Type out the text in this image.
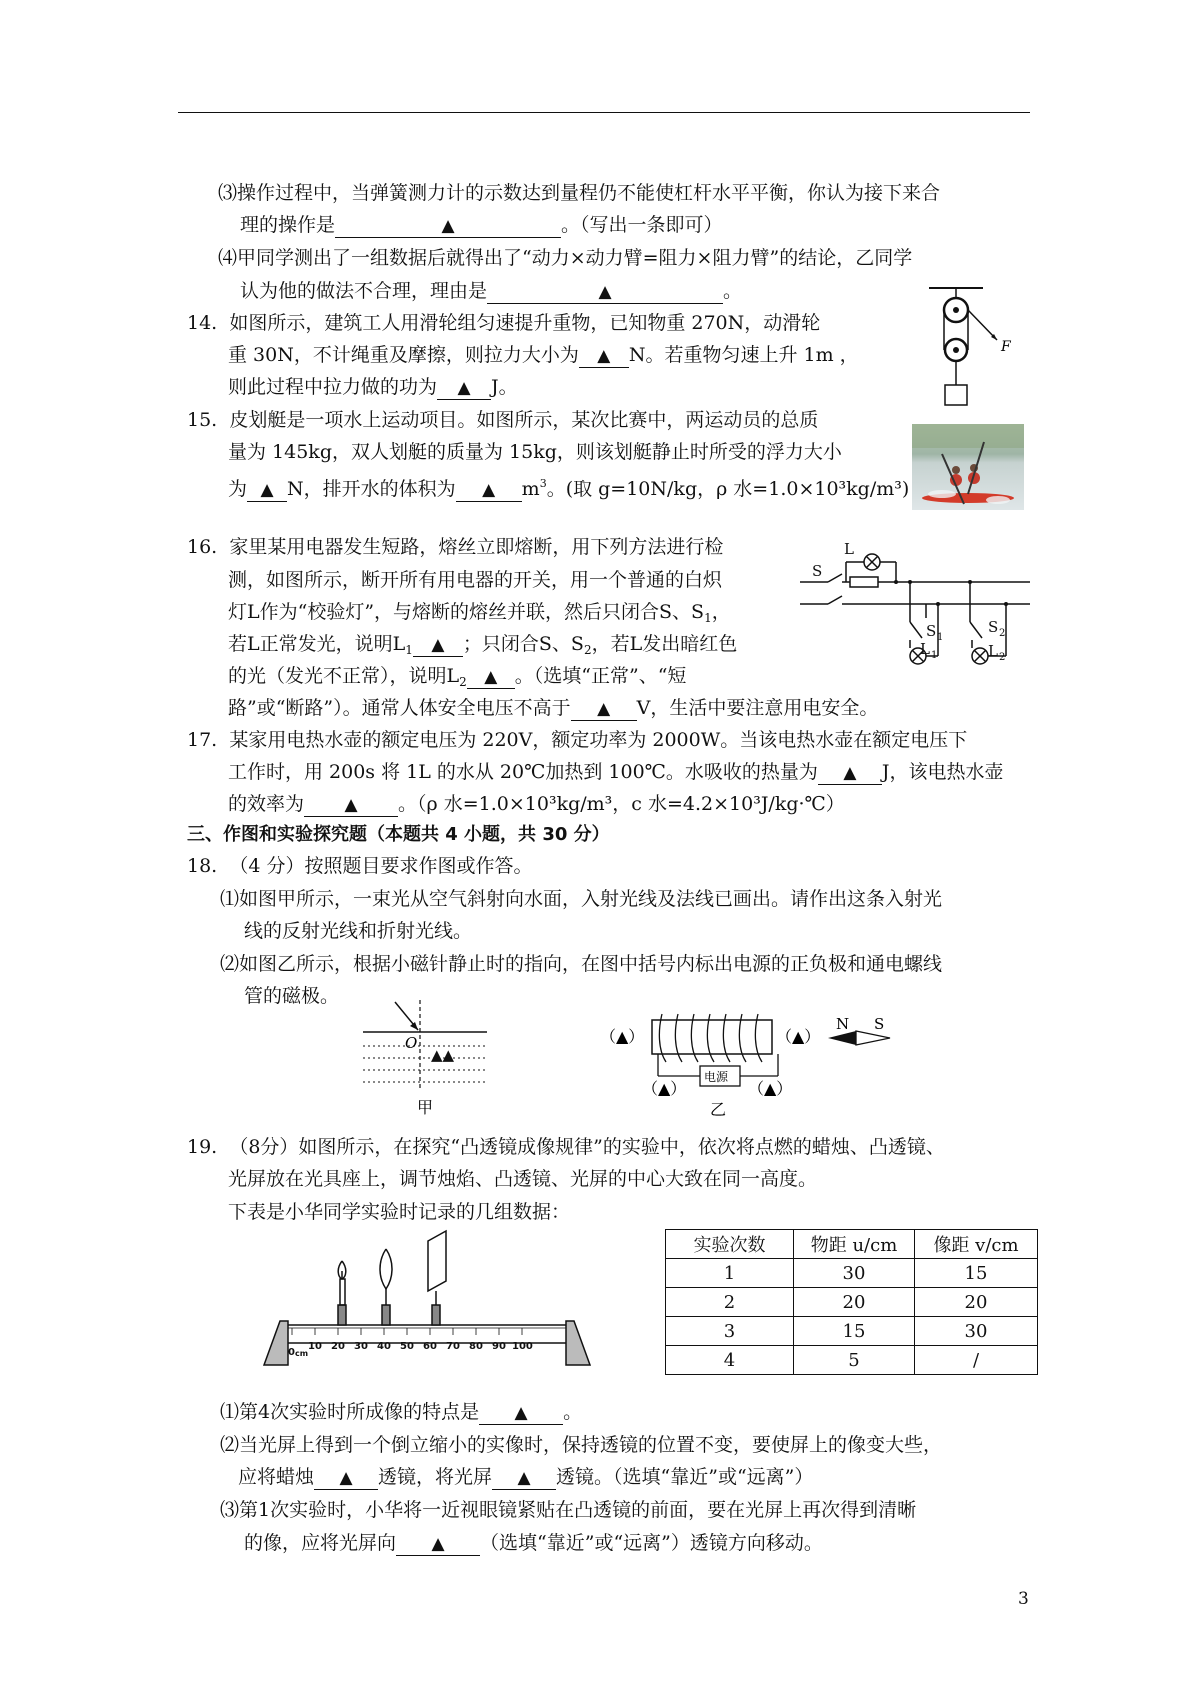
⑶操作过程中，当弹簧测力计的示数达到量程仍不能使杠杆水平平衡，你认为接下来合
理的操作是	▲	。（写出一条即可）
⑷甲同学测出了一组数据后就得出了“动力×动力臂=阻力×阻力臂”的结论，乙同学
认为他的做法不合理，理由是	▲	。
14. 如图所示，建筑工人用滑轮组匀速提升重物，已知物重 270N，动滑轮
重 30N，不计绳重及摩擦，则拉力大小为 ▲ N。若重物匀速上升 1m ，
则此过程中拉力做的功为 ▲ J。
F
15. 皮划艇是一项水上运动项目。如图所示，某次比赛中，两运动员的总质
量为 145kg，双人划艇的质量为 15kg，则该划艇静止时所受的浮力大小
为 ▲ N，排开水的体积为 ▲ $m^3$。(取 g=10N/kg，ρ 水=1.0×10³kg/m³)
16. 家里某用电器发生短路，熔丝立即熔断，用下列方法进行检
测，如图所示，断开所有用电器的开关，用一个普通的白炽
灯L作为“校验灯”，与熔断的熔丝并联，然后只闭合S、$S_1$，
若L正常发光，说明$L_1$ ▲ ；只闭合S、$S_2$，若L发出暗红色
的光（发光不正常），说明$L_2$ ▲ 。（选填“正常”、“短
路”或“断路”）。通常人体安全电压不高于 ▲ V，生活中要注意用电安全。
S
L
S 1
S 2
L 1	L 2
17. 某家用电热水壶的额定电压为 220V，额定功率为 2000W。当该电热水壶在额定电压下
工作时，用 200s 将 1L 的水从 20℃加热到 100℃。水吸收的热量为 ▲ J，该电热水壶
的效率为 ▲ 。（ρ 水=1.0×10³kg/m³，c 水=4.2×10³J/kg·℃）
三、作图和实验探究题（本题共 4 小题，共 30 分）
18. （4 分）按照题目要求作图或作答。
⑴如图甲所示，一束光从空气斜射向水面，入射光线及法线已画出。请作出这条入射光
线的反射光线和折射光线。
⑵如图乙所示，根据小磁针静止时的指向，在图中括号内标出电源的正负极和通电螺线
管的磁极。
O
▲▲
甲
（▲）
电源
（▲）
（▲）	（▲）
N S
乙
19. （8分）如图所示，在探究“凸透镜成像规律”的实验中，依次将点燃的蜡烛、凸透镜、
光屏放在光具座上，调节烛焰、凸透镜、光屏的中心大致在同一高度。
下表是小华同学实验时记录的几组数据：
实验次数	物距 u/cm	像距 v/cm
1	30	15
2	20	20
3	15	30
4	5	/
0 cm
10 20 30 40 50 60 70 80 90 100
⑴第4次实验时所成像的特点是 ▲ 。
⑵当光屏上得到一个倒立缩小的实像时，保持透镜的位置不变，要使屏上的像变大些，
应将蜡烛 ▲ 透镜，将光屏 ▲ 透镜。（选填“靠近”或“远离”）
⑶第1次实验时，小华将一近视眼镜紧贴在凸透镜的前面，要在光屏上再次得到清晰
的像，应将光屏向 ▲ （选填“靠近”或“远离”）透镜方向移动。
3
